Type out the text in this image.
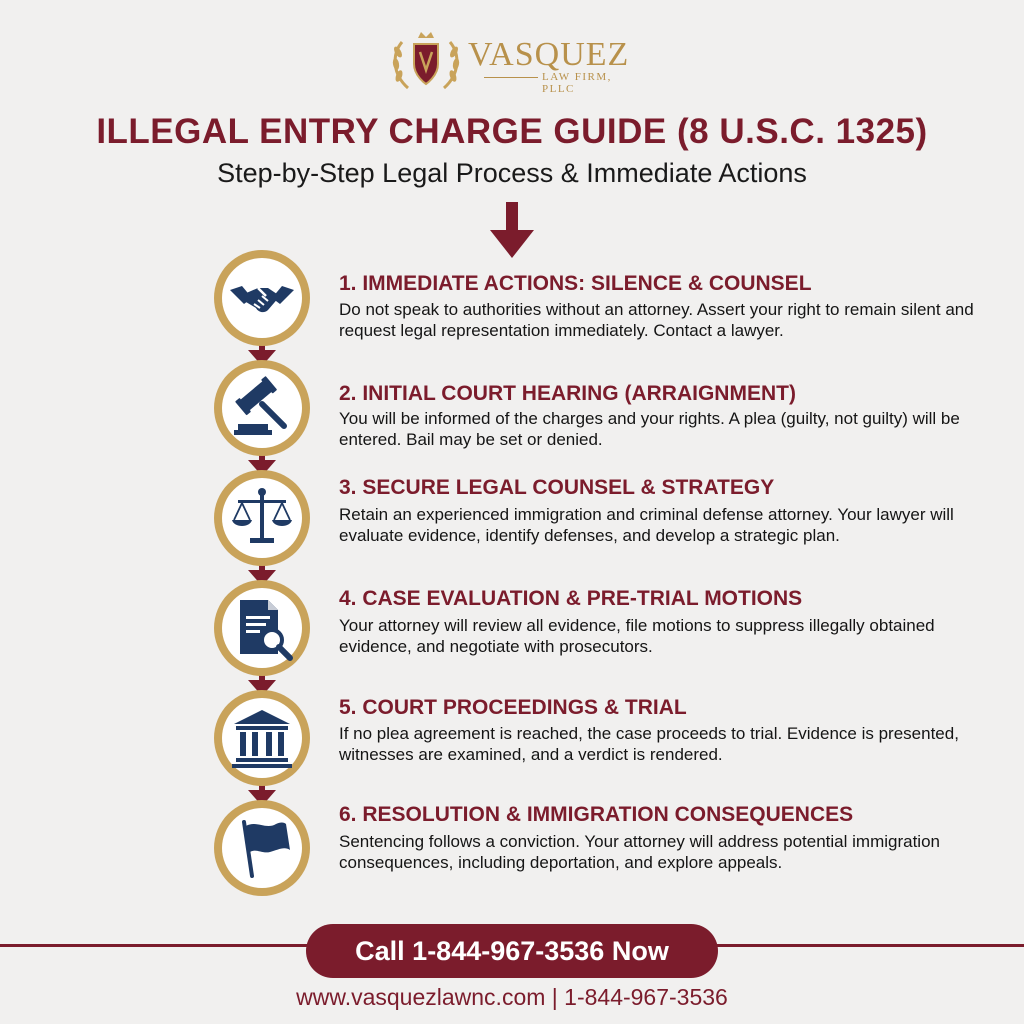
VASQUEZ
LAW FIRM, PLLC
ILLEGAL ENTRY CHARGE GUIDE (8 U.S.C. 1325)

Step-by-Step Legal Process & Immediate Actions

1. IMMEDIATE ACTIONS: SILENCE & COUNSEL

Do not speak to authorities without an attorney. Assert your right to remain silent and request legal representation immediately. Contact a lawyer.

2. INITIAL COURT HEARING (ARRAIGNMENT)

You will be informed of the charges and your rights. A plea (guilty, not guilty) will be entered. Bail may be set or denied.

3. SECURE LEGAL COUNSEL & STRATEGY

Retain an experienced immigration and criminal defense attorney. Your lawyer will evaluate evidence, identify defenses, and develop a strategic plan.

4. CASE EVALUATION & PRE-TRIAL MOTIONS

Your attorney will review all evidence, file motions to suppress illegally obtained evidence, and negotiate with prosecutors.

5. COURT PROCEEDINGS & TRIAL

If no plea agreement is reached, the case proceeds to trial. Evidence is presented, witnesses are examined, and a verdict is rendered.

6. RESOLUTION & IMMIGRATION CONSEQUENCES

Sentencing follows a conviction. Your attorney will address potential immigration consequences, including deportation, and explore appeals.

Call 1-844-967-3536 Now
www.vasquezlawnc.com | 1-844-967-3536
